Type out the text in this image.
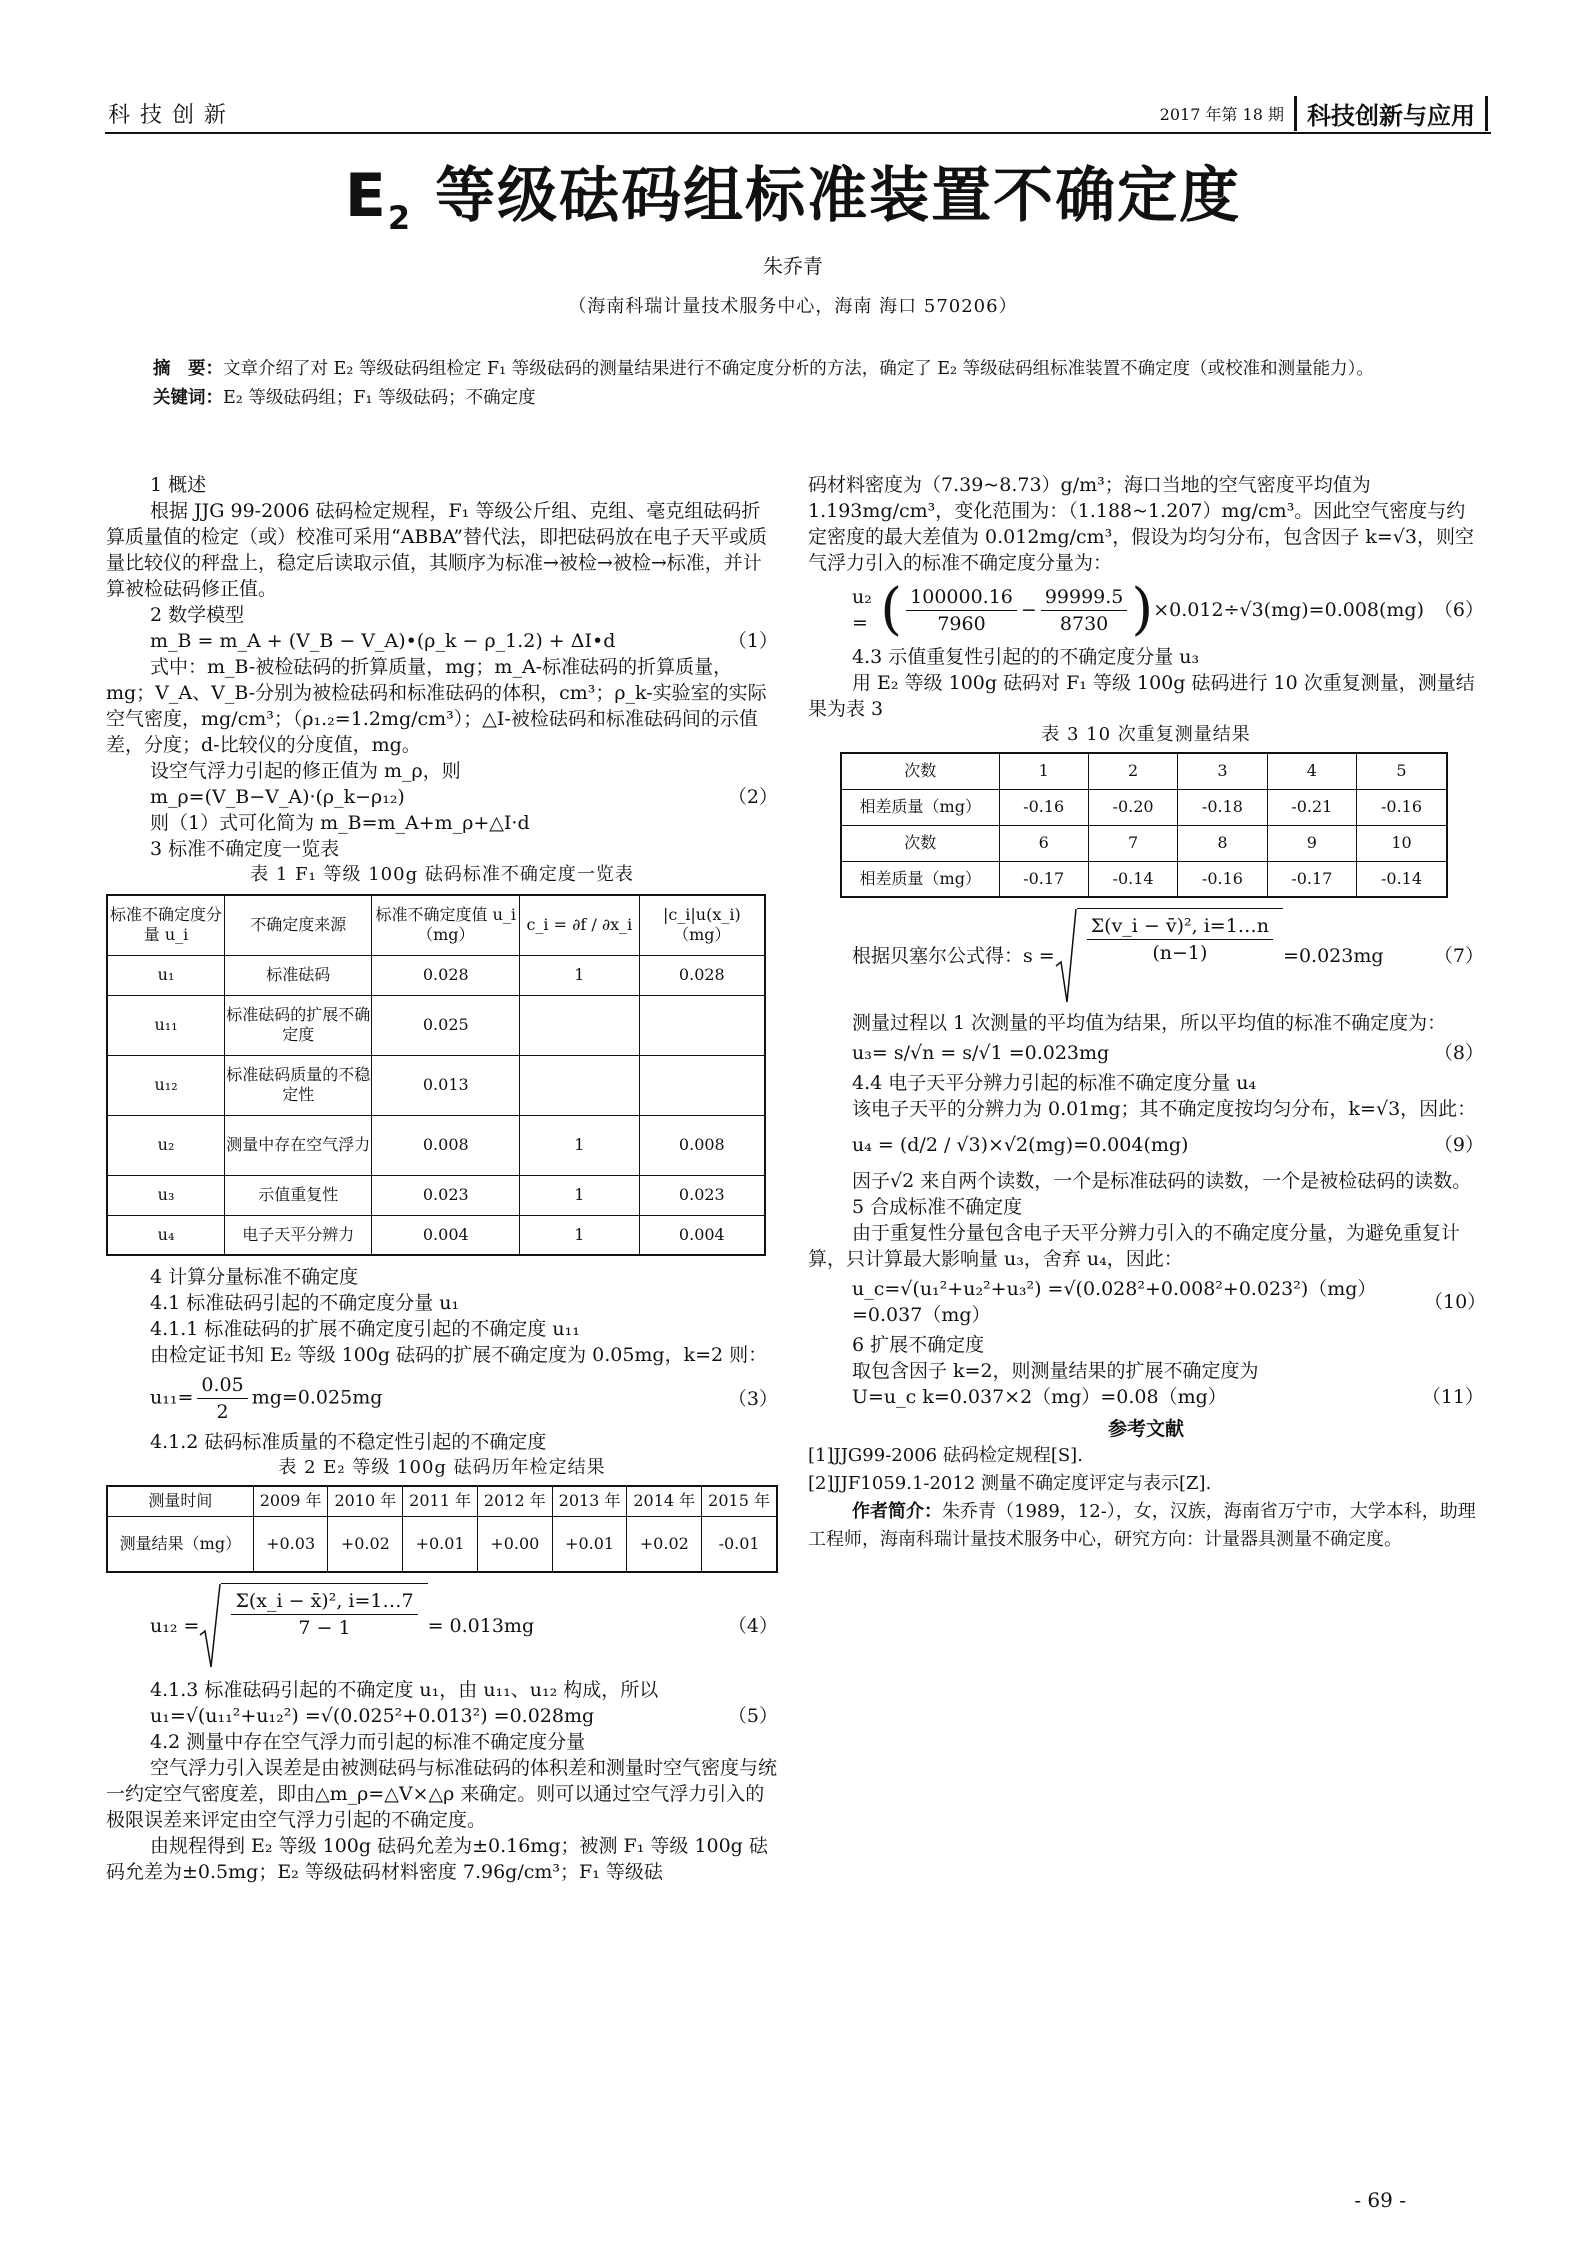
科技创新	2017 年第 18 期 科技创新与应用
$E_2$ 等级砝码组标准装置不确定度
朱乔青
（海南科瑞计量技术服务中心，海南 海口 570206）

摘　要：文章介绍了对 E₂ 等级砝码组检定 F₁ 等级砝码的测量结果进行不确定度分析的方法，确定了 E₂ 等级砝码组标准装置不确定度（或校准和测量能力）。

关键词：E₂ 等级砝码组；F₁ 等级砝码；不确定度

1 概述

根据 JJG 99-2006 砝码检定规程，F₁ 等级公斤组、克组、毫克组砝码折算质量值的检定（或）校准可采用“ABBA”替代法，即把砝码放在电子天平或质量比较仪的秤盘上，稳定后读取示值，其顺序为标准→被检→被检→标准，并计算被检砝码修正值。

2 数学模型

m_B = m_A + (V_B − V_A)•(ρ_k − ρ_1.2) + ΔI•d	（1）

式中：m_B-被检砝码的折算质量，mg；m_A-标准砝码的折算质量，mg；V_A、V_B-分别为被检砝码和标准砝码的体积，cm³；ρ_k-实验室的实际空气密度，mg/cm³；（ρ₁.₂=1.2mg/cm³）；△I-被检砝码和标准砝码间的示值差，分度；d-比较仪的分度值，mg。

设空气浮力引起的修正值为 m_ρ，则

m_ρ=(V_B−V_A)·(ρ_k−ρ₁₂)	（2）

则（1）式可化简为 m_B=m_A+m_ρ+△I·d

3 标准不确定度一览表

表 1 F₁ 等级 100g 砝码标准不确定度一览表

标准不确定度分量 u_i	不确定度来源	标准不确定度值 u_i（mg）	c_i = ∂f / ∂x_i	|c_i|u(x_i)（mg）
u₁	标准砝码	0.028	1	0.028
u₁₁	标准砝码的扩展不确定度	0.025		
u₁₂	标准砝码质量的不稳定性	0.013		
u₂	测量中存在空气浮力	0.008	1	0.008
u₃	示值重复性	0.023	1	0.023
u₄	电子天平分辨力	0.004	1	0.004

4 计算分量标准不确定度

4.1 标准砝码引起的不确定度分量 u₁

4.1.1 标准砝码的扩展不确定度引起的不确定度 u₁₁

由检定证书知 E₂ 等级 100g 砝码的扩展不确定度为 0.05mg，k=2 则：

$u_{11}= \frac{0.05}{2} mg=0.025mg$	（3）

4.1.2 砝码标准质量的不稳定性引起的不确定度

表 2 E₂ 等级 100g 砝码历年检定结果

测量时间	2009 年	2010 年	2011 年	2012 年	2013 年	2014 年	2015 年
测量结果（mg）	+0.03	+0.02	+0.01	+0.00	+0.01	+0.02	-0.01
$u_{12} = \frac{\text{Σ(x\_i − x̄)², i=1…7}}{7 - 1} = 0.013mg$	（4）

4.1.3 标准砝码引起的不确定度 u₁，由 u₁₁、u₁₂ 构成，所以

u₁=√(u₁₁²+u₁₂²) =√(0.025²+0.013²) =0.028mg	（5）

4.2 测量中存在空气浮力而引起的标准不确定度分量

空气浮力引入误差是由被测砝码与标准砝码的体积差和测量时空气密度与统一约定空气密度差，即由△m_ρ=△V×△ρ 来确定。则可以通过空气浮力引入的极限误差来评定由空气浮力引起的不确定度。

由规程得到 E₂ 等级 100g 砝码允差为±0.16mg；被测 F₁ 等级 100g 砝码允差为±0.5mg；E₂ 等级砝码材料密度 7.96g/cm³；F₁ 等级砝

码材料密度为（7.39~8.73）g/m³；海口当地的空气密度平均值为 1.193mg/cm³，变化范围为：（1.188~1.207）mg/cm³。因此空气密度与约定密度的最大差值为 0.012mg/cm³，假设为均匀分布，包含因子 k=√3，则空气浮力引入的标准不确定度分量为：

u₂ = ( $\frac{100000.16}{7960} - \frac{99999.5}{8730}$ ) ×0.012÷√3(mg)=0.008(mg) （6）

4.3 示值重复性引起的的不确定度分量 u₃

用 E₂ 等级 100g 砝码对 F₁ 等级 100g 砝码进行 10 次重复测量，测量结果为表 3

表 3 10 次重复测量结果

次数	1	2	3	4	5
相差质量（mg）	-0.16	-0.20	-0.18	-0.21	-0.16
次数	6	7	8	9	10
相差质量（mg）	-0.17	-0.14	-0.16	-0.17	-0.14
根据贝塞尔公式得：$s = \frac{\text{Σ(v\_i − v̄)², i=1…n}}{(n-1)} =0.023mg$	（7）

测量过程以 1 次测量的平均值为结果，所以平均值的标准不确定度为：

u₃= s/√n = s/√1 =0.023mg	（8）

4.4 电子天平分辨力引起的标准不确定度分量 u₄

该电子天平的分辨力为 0.01mg；其不确定度按均匀分布，k=√3，因此：

u₄ = (d/2 / √3)×√2(mg)=0.004(mg)	（9）

因子√2 来自两个读数，一个是标准砝码的读数，一个是被检砝码的读数。

5 合成标准不确定度

由于重复性分量包含电子天平分辨力引入的不确定度分量，为避免重复计算，只计算最大影响量 u₃，舍弃 u₄，因此：

u_c=√(u₁²+u₂²+u₃²) =√(0.028²+0.008²+0.023²)（mg）=0.037（mg）
（10）

6 扩展不确定度

取包含因子 k=2，则测量结果的扩展不确定度为

U=u_c k=0.037×2（mg）=0.08（mg）	（11）

参考文献

[1]JJG99-2006 砝码检定规程[S].

[2]JJF1059.1-2012 测量不确定度评定与表示[Z].

作者简介：朱乔青（1989，12-），女，汉族，海南省万宁市，大学本科，助理工程师，海南科瑞计量技术服务中心，研究方向：计量器具测量不确定度。

- 69 -
